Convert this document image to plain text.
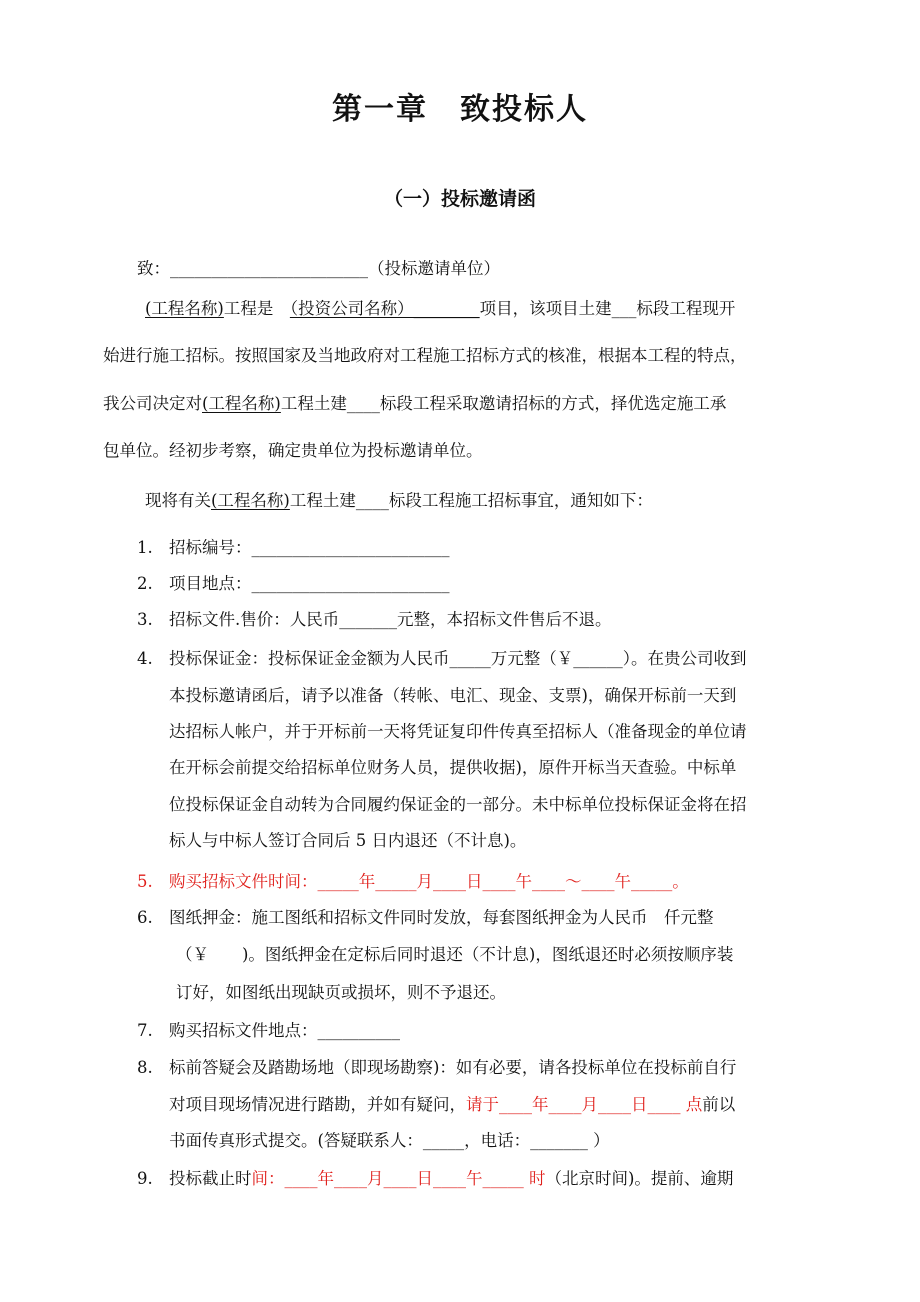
第一章　致投标人
（一）投标邀请函
致：________________________（投标邀请单位）
(工程名称)工程是　（投资公司名称）________项目，该项目土建___标段工程现开
始进行施工招标。按照国家及当地政府对工程施工招标方式的核准，根据本工程的特点，
我公司决定对(工程名称)工程土建____标段工程采取邀请招标的方式，择优选定施工承
包单位。经初步考察，确定贵单位为投标邀请单位。
现将有关(工程名称)工程土建____标段工程施工招标事宜，通知如下：
1. 招标编号：________________________
2. 项目地点：________________________
3. 招标文件.售价：人民币_______元整，本招标文件售后不退。
4. 投标保证金：投标保证金金额为人民币_____万元整（￥______）。在贵公司收到
本投标邀请函后，请予以准备（转帐、电汇、现金、支票)，确保开标前一天到
达招标人帐户，并于开标前一天将凭证复印件传真至招标人（准备现金的单位请
在开标会前提交给招标单位财务人员，提供收据)，原件开标当天查验。中标单
位投标保证金自动转为合同履约保证金的一部分。未中标单位投标保证金将在招
标人与中标人签订合同后 5 日内退还（不计息)。
5. 购买招标文件时间：_____年_____月____日____午____～____午_____。
6. 图纸押金：施工图纸和招标文件同时发放，每套图纸押金为人民币　仟元整
（￥　　)。图纸押金在定标后同时退还（不计息)，图纸退还时必须按顺序装
订好，如图纸出现缺页或损坏，则不予退还。
7. 购买招标文件地点：__________
8. 标前答疑会及踏勘场地（即现场勘察)：如有必要，请各投标单位在投标前自行
对项目现场情况进行踏勘，并如有疑问，请于____年____月____日____ 点前以
书面传真形式提交。(答疑联系人：_____，电话：_______ ）
9. 投标截止时间：____年____月____日____午_____ 时（北京时间)。提前、逾期
